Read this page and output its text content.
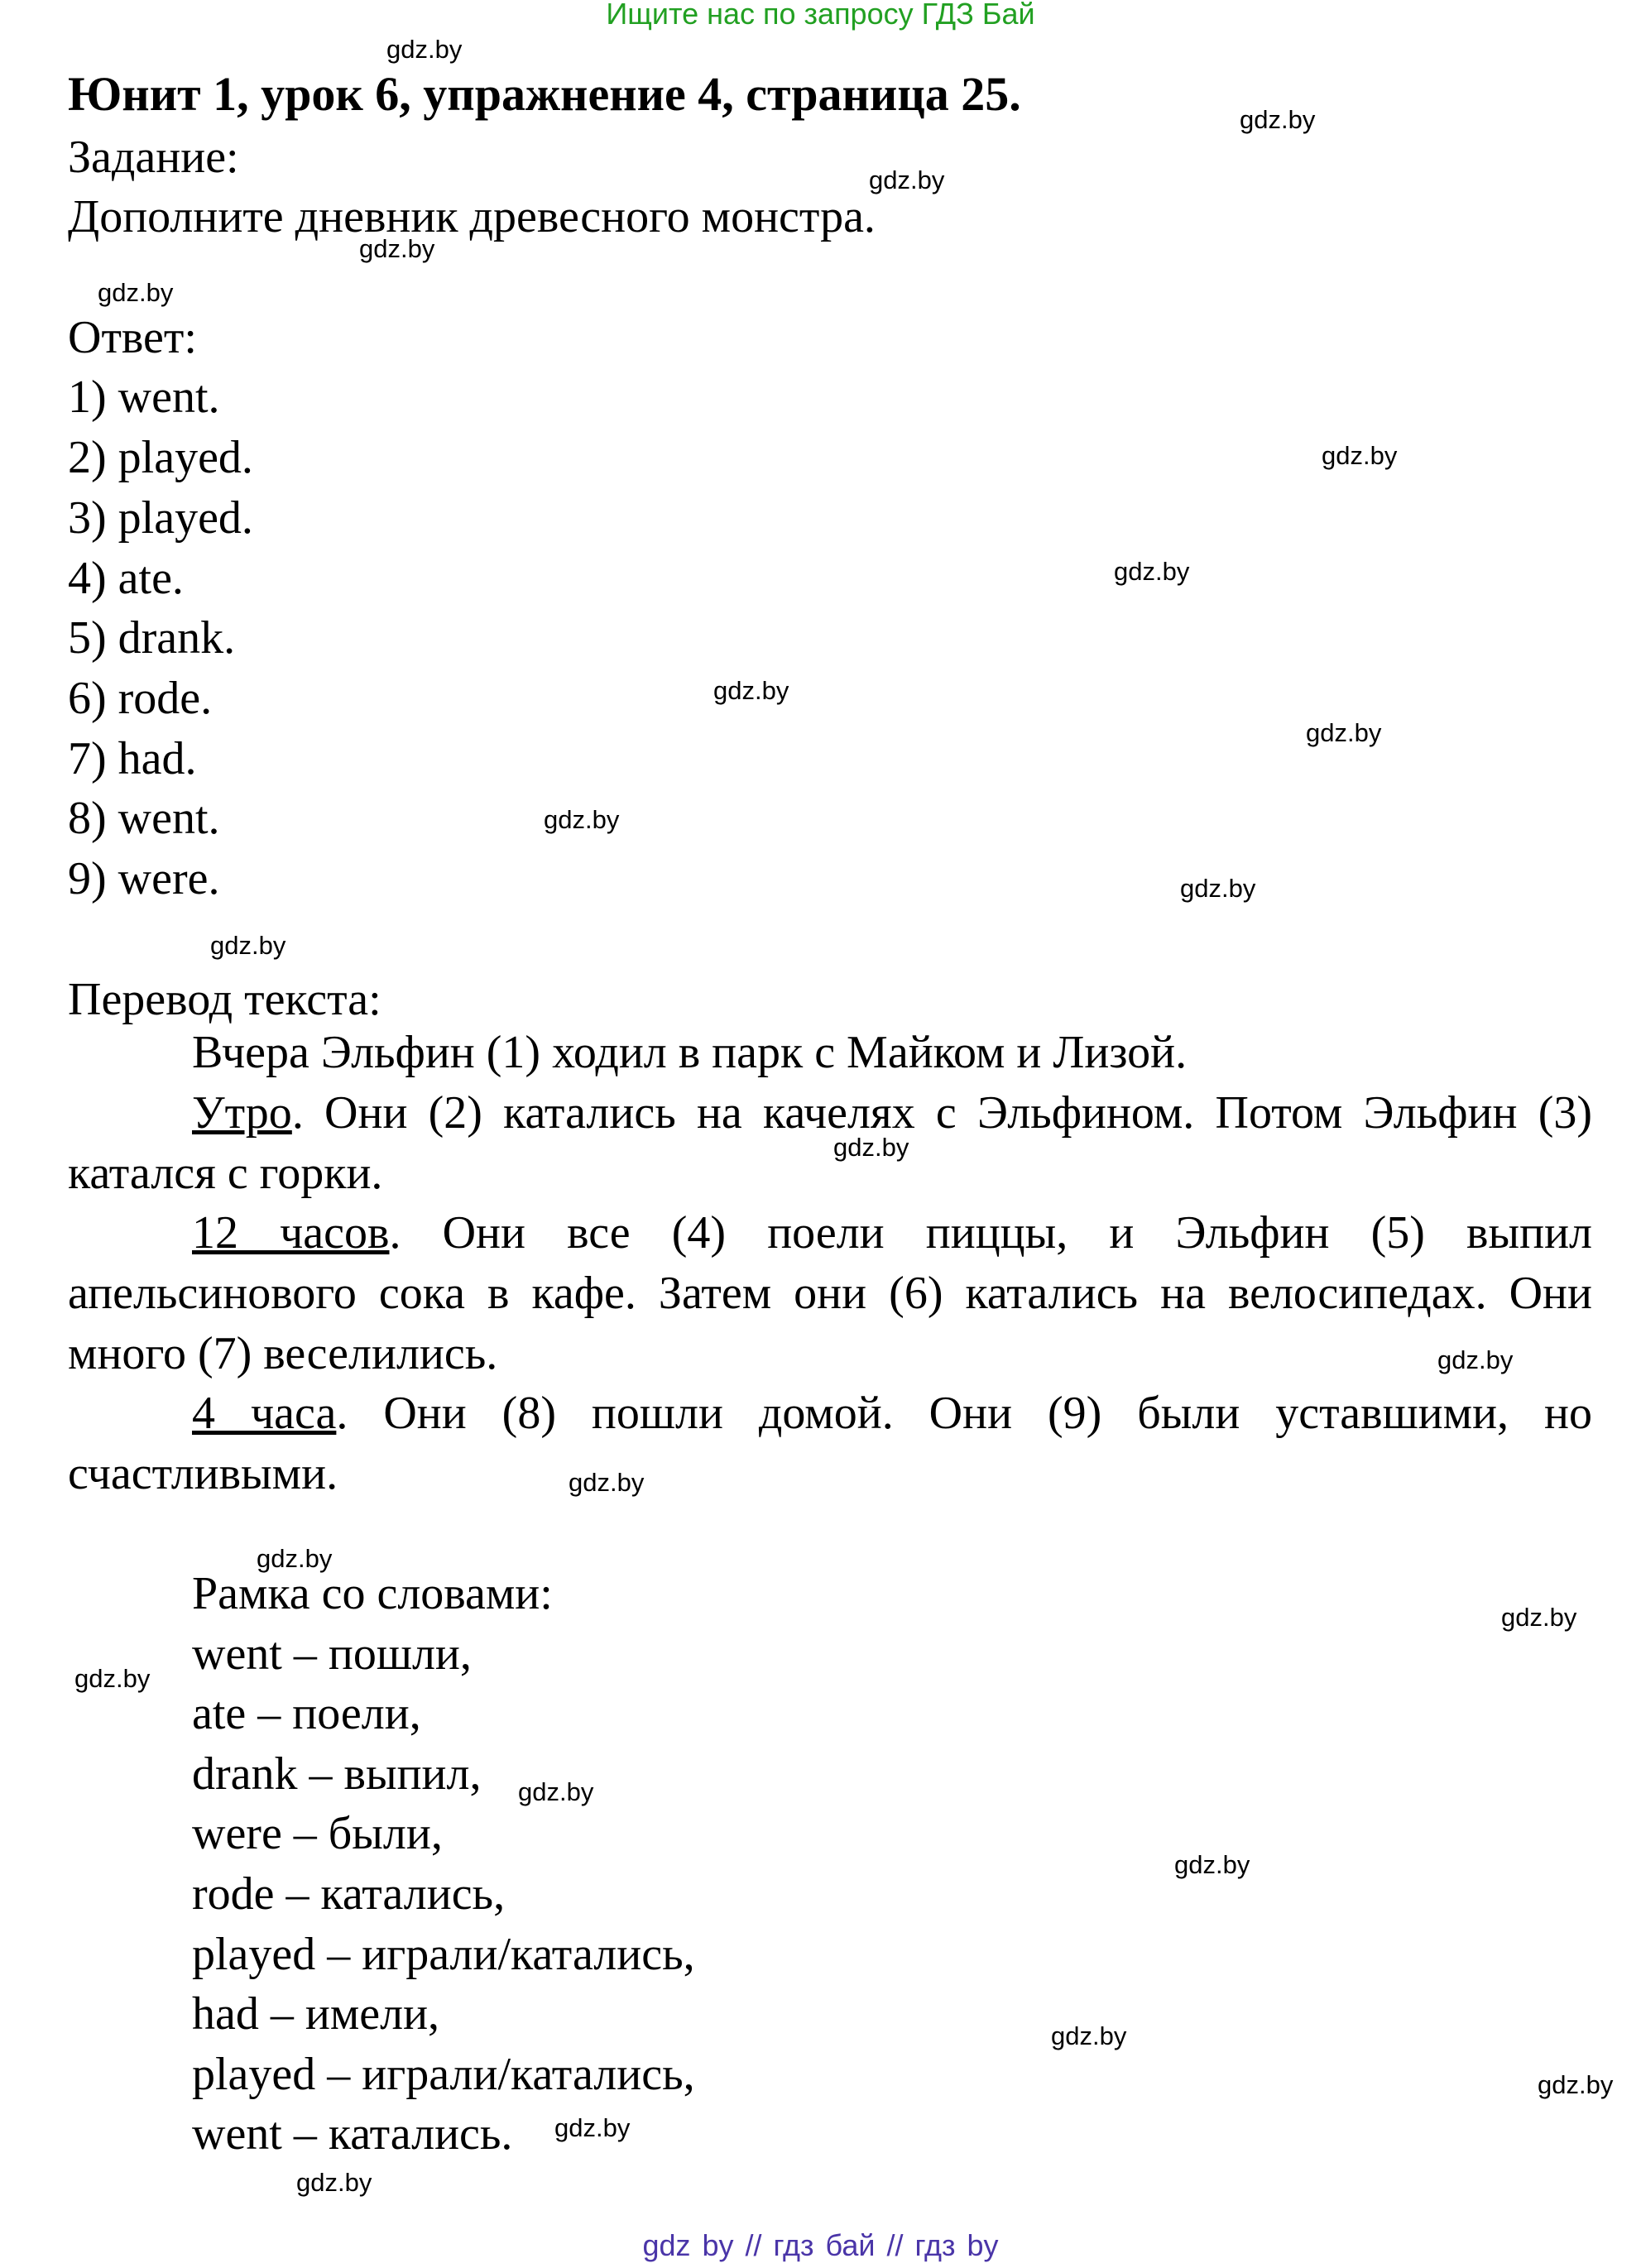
Ищите нас по запросу ГДЗ Бай
Юнит 1, урок 6, упражнение 4, страница 25.
Задание:
Дополните дневник древесного монстра.
Ответ:
1) went.
2) played.
3) played.
4) ate.
5) drank.
6) rode.
7) had.
8) went.
9) were.
Перевод текста:
Вчера Эльфин (1) ходил в парк с Майком и Лизой.
Утро. Они (2) катались на качелях с Эльфином. Потом Эльфин (3) катался с горки.
12 часов. Они все (4) поели пиццы, и Эльфин (5) выпил апельсинового сока в кафе. Затем они (6) катались на велосипедах. Они много (7) веселились.
4 часа. Они (8) пошли домой. Они (9) были уставшими, но счастливыми.
Рамка со словами:
went – пошли,
ate – поели,
drank – выпил,
were – были,
rode – катались,
played – играли/катались,
had – имели,
played – играли/катались,
went – катались.
gdz.by
gdz.by
gdz.by
gdz.by
gdz.by
gdz.by
gdz.by
gdz.by
gdz.by
gdz.by
gdz.by
gdz.by
gdz.by
gdz.by
gdz.by
gdz.by
gdz.by
gdz.by
gdz.by
gdz.by
gdz.by
gdz.by
gdz.by
gdz.by
gdz by // гдз бай // гдз by
